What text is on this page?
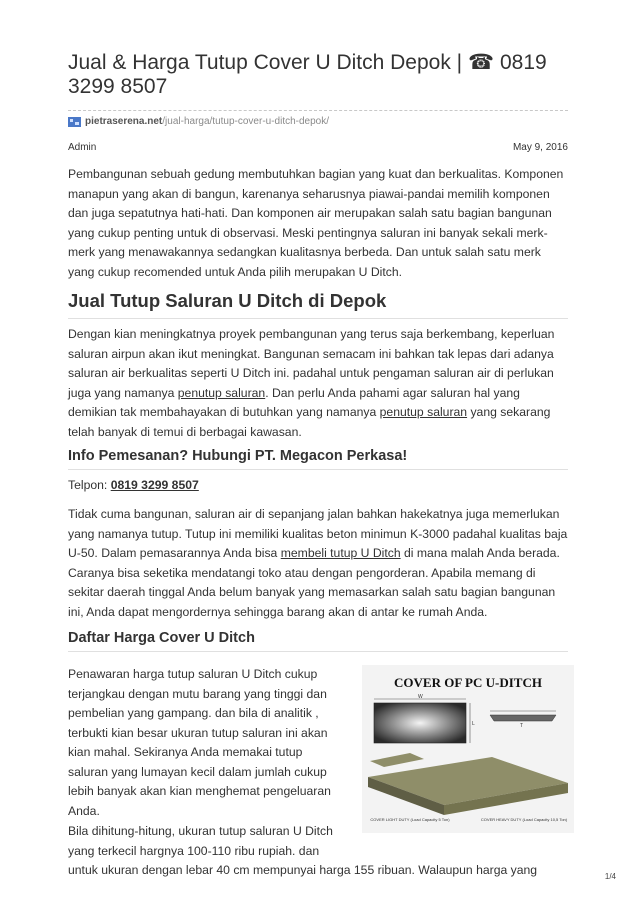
Jual & Harga Tutup Cover U Ditch Depok | ☎ 0819 3299 8507
pietraserena.net /jual-harga/tutup-cover-u-ditch-depok/
Admin	May 9, 2016

Pembangunan sebuah gedung membutuhkan bagian yang kuat dan berkualitas. Komponen manapun yang akan di bangun, karenanya seharusnya piawai-pandai memilih komponen dan juga sepatutnya hati-hati. Dan komponen air merupakan salah satu bagian bangunan yang cukup penting untuk di observasi. Meski pentingnya saluran ini banyak sekali merk-merk yang menawakannya sedangkan kualitasnya berbeda. Dan untuk salah satu merk yang cukup recomended untuk Anda pilih merupakan U Ditch.

Jual Tutup Saluran U Ditch di Depok

Dengan kian meningkatnya proyek pembangunan yang terus saja berkembang, keperluan saluran airpun akan ikut meningkat. Bangunan semacam ini bahkan tak lepas dari adanya saluran air berkualitas seperti U Ditch ini. padahal untuk pengaman saluran air di perlukan juga yang namanya penutup saluran. Dan perlu Anda pahami agar saluran hal yang demikian tak membahayakan di butuhkan yang namanya penutup saluran yang sekarang telah banyak di temui di berbagai kawasan.

Info Pemesanan? Hubungi PT. Megacon Perkasa!

Telpon: 0819 3299 8507

Tidak cuma bangunan, saluran air di sepanjang jalan bahkan hakekatnya juga memerlukan yang namanya tutup. Tutup ini memiliki kualitas beton minimun K-3000 padahal kualitas baja U-50. Dalam pemasarannya Anda bisa membeli tutup U Ditch di mana malah Anda berada. Caranya bisa seketika mendatangi toko atau dengan pengorderan. Apabila memang di sekitar daerah tinggal Anda belum banyak yang memasarkan salah satu bagian bangunan ini, Anda dapat mengordernya sehingga barang akan di antar ke rumah Anda.

Daftar Harga Cover U Ditch

Penawaran harga tutup saluran U Ditch cukup terjangkau dengan mutu barang yang tinggi dan pembelian yang gampang. dan bila di analitik , terbukti kian besar ukuran tutup saluran ini akan kian mahal. Sekiranya Anda memakai tutup saluran yang lumayan kecil dalam jumlah cukup lebih banyak akan kian menghemat pengeluaran Anda.

Bila dihitung-hitung, ukuran tutup saluran U Ditch

yang terkecil hargnya 100-110 ribu rupiah. dan

untuk ukuran dengan lebar 40 cm mempunyai harga 155 ribuan. Walaupun harga yang

COVER OF PC U-DITCH
L
W
T
COVER LIGHT DUTY (Load Capacity 5 Ton)	COVER HEAVY DUTY (Load Capacity 10,5 Ton)
1/4
